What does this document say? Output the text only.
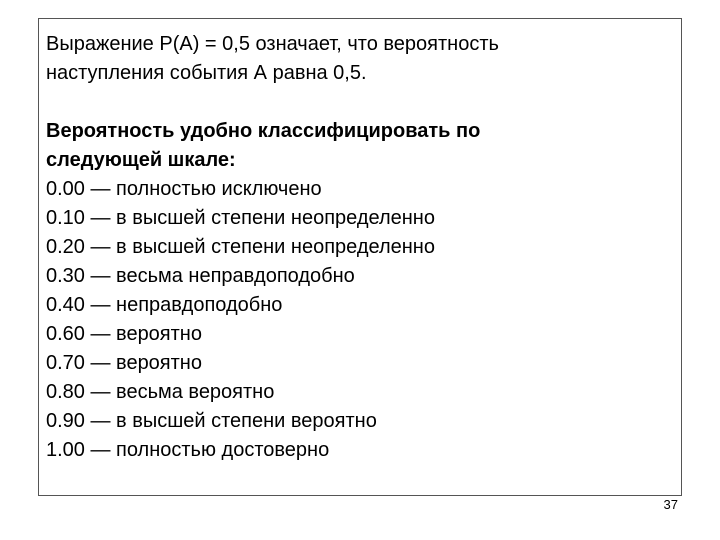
Выражение Р(А) = 0,5 означает, что вероятность
наступления события А равна 0,5.
Вероятность удобно классифицировать по
следующей шкале:
0.00 — полностью исключено
0.10 — в высшей степени неопределенно
0.20 — в высшей степени неопределенно
0.30 — весьма неправдоподобно
0.40 — неправдоподобно
0.60 — вероятно
0.70 — вероятно
0.80 — весьма вероятно
0.90 — в высшей степени вероятно
1.00 — полностью достоверно
37
